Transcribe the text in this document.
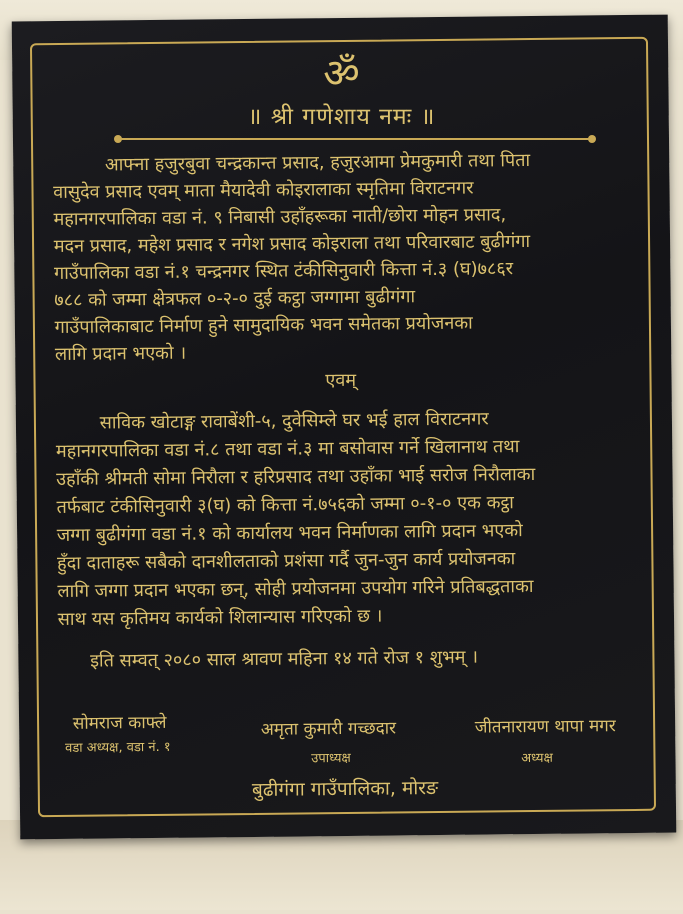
ॐ
॥ श्री गणेशाय नमः ॥
आफ्ना हजुरबुवा चन्द्रकान्त प्रसाद, हजुरआमा प्रेमकुमारी तथा पिता
वासुदेव प्रसाद एवम् माता मैयादेवी कोइरालाका स्मृतिमा विराटनगर
महानगरपालिका वडा नं. ९ निबासी उहाँहरूका नाती/छोरा मोहन प्रसाद,
मदन प्रसाद, महेश प्रसाद र नगेश प्रसाद कोइराला तथा परिवारबाट बुढीगंगा
गाउँपालिका वडा नं.१ चन्द्रनगर स्थित टंकीसिनुवारी कित्ता नं.३ (घ)७८६र
७८८ को जम्मा क्षेत्रफल ०-२-० दुई कट्ठा जग्गामा बुढीगंगा
गाउँपालिकाबाट निर्माण हुने सामुदायिक भवन समेतका प्रयोजनका
लागि प्रदान भएको ।
एवम्
साविक खोटाङ्ग रावाबेंशी-५, दुवेसिम्ले घर भई हाल विराटनगर
महानगरपालिका वडा नं.८ तथा वडा नं.३ मा बसोवास गर्ने खिलानाथ तथा
उहाँकी श्रीमती सोमा निरौला र हरिप्रसाद तथा उहाँका भाई सरोज निरौलाका
तर्फबाट टंकीसिनुवारी ३(घ) को कित्ता नं.७५६को जम्मा ०-१-० एक कट्ठा
जग्गा बुढीगंगा वडा नं.१ को कार्यालय भवन निर्माणका लागि प्रदान भएको
हुँदा दाताहरू सबैको दानशीलताको प्रशंसा गर्दै जुन-जुन कार्य प्रयोजनका
लागि जग्गा प्रदान भएका छन्, सोही प्रयोजनमा उपयोग गरिने प्रतिबद्धताका
साथ यस कृतिमय कार्यको शिलान्यास गरिएको छ ।
इति सम्वत् २०८० साल श्रावण महिना १४ गते रोज १ शुभम् ।
सोमराज काफ्ले
वडा अध्यक्ष, वडा नं. १
अमृता कुमारी गच्छदार
उपाध्यक्ष
जीतनारायण थापा मगर
अध्यक्ष
बुढीगंगा गाउँपालिका, मोरङ
